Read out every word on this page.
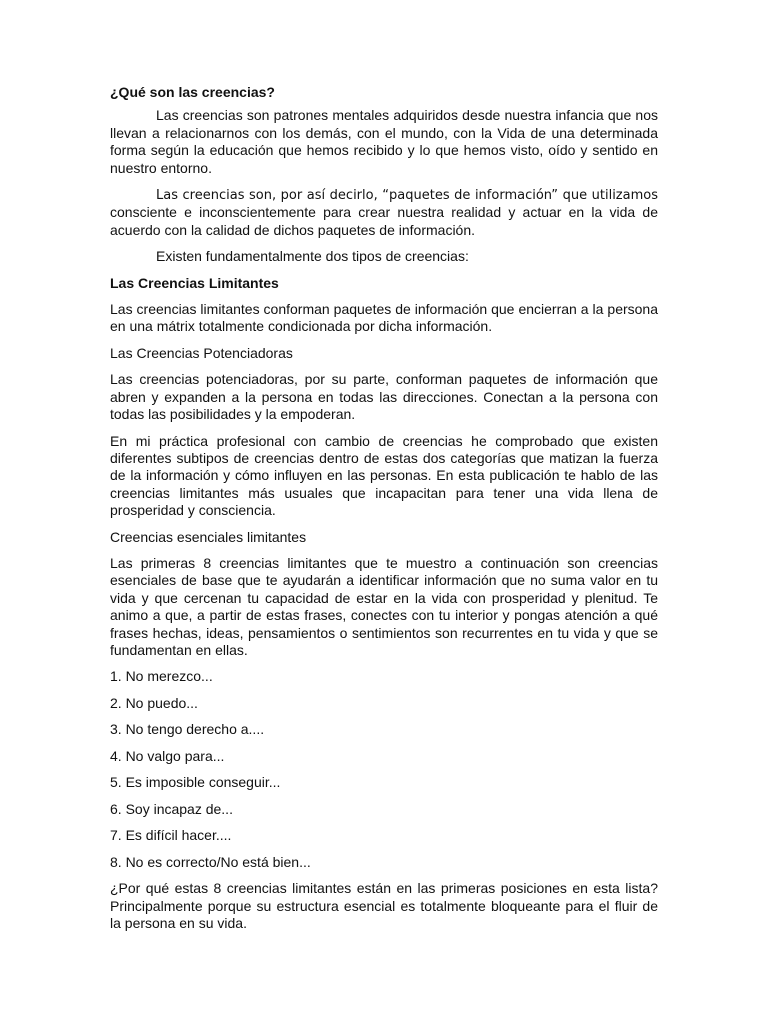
¿Qué son las creencias?

Las creencias son patrones mentales adquiridos desde nuestra infancia que nos llevan a relacionarnos con los demás, con el mundo, con la Vida de una determinada forma según la educación que hemos recibido y lo que hemos visto, oído y sentido en nuestro entorno.

Las creencias son, por así decirlo, “paquetes de información” que utilizamosconsciente e inconscientemente para crear nuestra realidad y actuar en la vida de acuerdo con la calidad de dichos paquetes de información.

Existen fundamentalmente dos tipos de creencias:

Las Creencias Limitantes

Las creencias limitantes conforman paquetes de información que encierran a la persona en una mátrix totalmente condicionada por dicha información.

Las Creencias Potenciadoras

Las creencias potenciadoras, por su parte, conforman paquetes de información que abren y expanden a la persona en todas las direcciones. Conectan a la persona con todas las posibilidades y la empoderan.

En mi práctica profesional con cambio de creencias he comprobado que existen diferentes subtipos de creencias dentro de estas dos categorías que matizan la fuerza de la información y cómo influyen en las personas. En esta publicación te hablo de las creencias limitantes más usuales que incapacitan para tener una vida llena de prosperidad y consciencia.

Creencias esenciales limitantes

Las primeras 8 creencias limitantes que te muestro a continuación son creencias esenciales de base que te ayudarán a identificar información que no suma valor en tu vida y que cercenan tu capacidad de estar en la vida con prosperidad y plenitud. Te animo a que, a partir de estas frases, conectes con tu interior y pongas atención a qué frases hechas, ideas, pensamientos o sentimientos son recurrentes en tu vida y que se fundamentan en ellas.

1. No merezco...

2. No puedo...

3. No tengo derecho a....

4. No valgo para...

5. Es imposible conseguir...

6. Soy incapaz de...

7. Es difícil hacer....

8. No es correcto/No está bien...

¿Por qué estas 8 creencias limitantes están en las primeras posiciones en esta lista? Principalmente porque su estructura esencial es totalmente bloqueante para el fluir de la persona en su vida.
